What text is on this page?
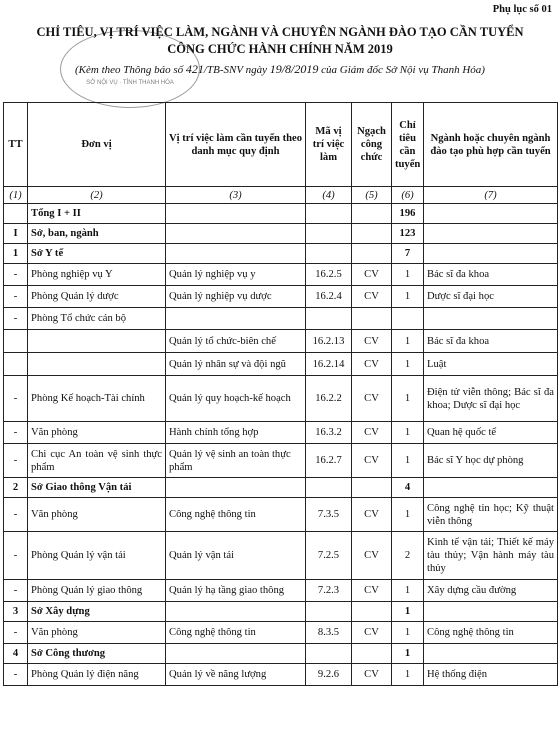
Phụ lục số 01
SỞ NỘI VỤ · TỈNH THANH HÓA
CHỈ TIÊU, VỊ TRÍ VIỆC LÀM, NGÀNH VÀ CHUYÊN NGÀNH ĐÀO TẠO CẦN TUYỂN
CÔNG CHỨC HÀNH CHÍNH NĂM 2019
(Kèm theo Thông báo số 421/TB-SNV ngày 19/8/2019 của Giám đốc Sở Nội vụ Thanh Hóa)
TT	Đơn vị	Vị trí việc làm cần tuyển theo danh mục quy định	Mã vị trí việc làm	Ngạch công chức	Chỉ tiêu cần tuyển	Ngành hoặc chuyên ngành đào tạo phù hợp cần tuyển
(1)	(2)	(3)	(4)	(5)	(6)	(7)
	Tổng I + II				196	
I	Sở, ban, ngành				123	
1	Sở Y tế				7	
-	Phòng nghiệp vụ Y	Quản lý nghiệp vụ y	16.2.5	CV	1	Bác sĩ đa khoa
-	Phòng Quản lý dược	Quản lý nghiệp vụ dược	16.2.4	CV	1	Dược sĩ đại học
-	Phòng Tổ chức cán bộ					
		Quản lý tổ chức-biên chế	16.2.13	CV	1	Bác sĩ đa khoa
		Quản lý nhân sự và đội ngũ	16.2.14	CV	1	Luật
-	Phòng Kế hoạch-Tài chính	Quản lý quy hoạch-kế hoạch	16.2.2	CV	1	Điện tử viễn thông; Bác sĩ đa khoa; Dược sĩ đại học
-	Văn phòng	Hành chính tổng hợp	16.3.2	CV	1	Quan hệ quốc tế
-	Chi cục An toàn vệ sinh thực phẩm	Quản lý vệ sinh an toàn thực phẩm	16.2.7	CV	1	Bác sĩ Y học dự phòng
2	Sở Giao thông Vận tải				4	
-	Văn phòng	Công nghệ thông tin	7.3.5	CV	1	Công nghệ tin học; Kỹ thuật viễn thông
-	Phòng Quản lý vận tải	Quản lý vận tải	7.2.5	CV	2	Kinh tế vận tải; Thiết kế máy tàu thủy; Vận hành máy tàu thủy
-	Phòng Quản lý giao thông	Quản lý hạ tầng giao thông	7.2.3	CV	1	Xây dựng cầu đường
3	Sở Xây dựng				1	
-	Văn phòng	Công nghệ thông tin	8.3.5	CV	1	Công nghệ thông tin
4	Sở Công thương				1	
-	Phòng Quản lý điện năng	Quản lý về năng lượng	9.2.6	CV	1	Hệ thống điện
